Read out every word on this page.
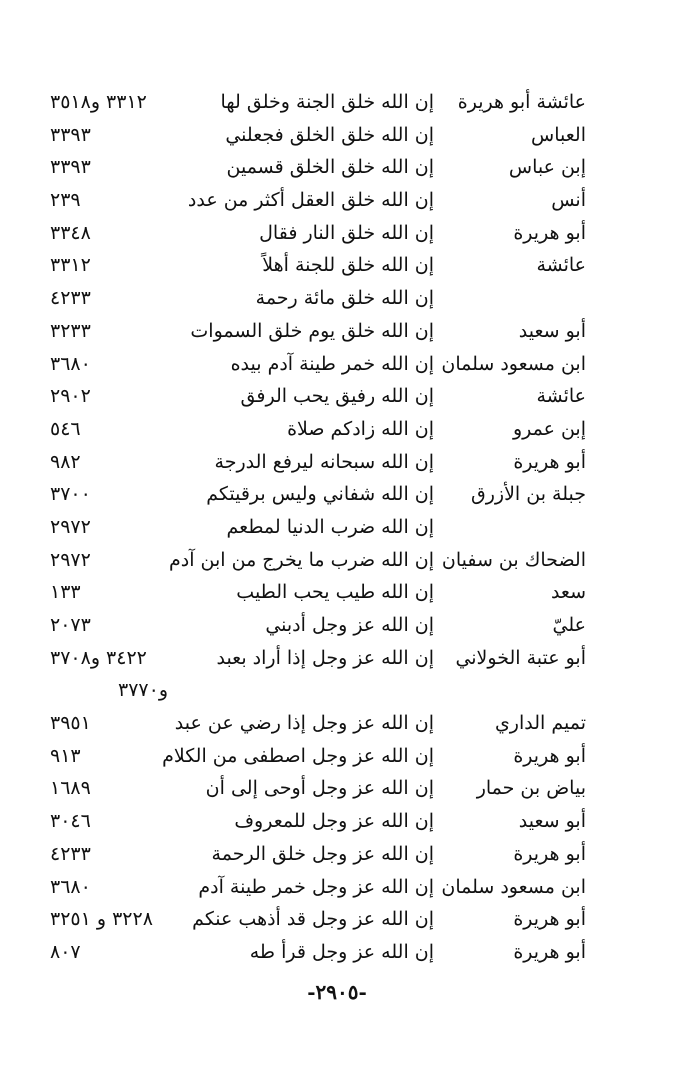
عائشة أبو هريرة
إن الله خلق الجنة وخلق لها
٣٣١٢ و٣٥١٨
العباس
إن الله خلق الخلق فجعلني
٣٣٩٣
إبن عباس
إن الله خلق الخلق قسمين
٣٣٩٣
أنس
إن الله خلق العقل أكثر من عدد
٢٣٩
أبو هريرة
إن الله خلق النار فقال
٣٣٤٨
عائشة
إن الله خلق للجنة أهلاً
٣٣١٢
إن الله خلق مائة رحمة
٤٢٣٣
أبو سعيد
إن الله خلق يوم خلق السموات
٣٢٣٣
ابن مسعود سلمان
إن الله خمر طينة آدم بيده
٣٦٨٠
عائشة
إن الله رفيق يحب الرفق
٢٩٠٢
إبن عمرو
إن الله زادكم صلاة
٥٤٦
أبو هريرة
إن الله سبحانه ليرفع الدرجة
٩٨٢
جبلة بن الأزرق
إن الله شفاني وليس برقيتكم
٣٧٠٠
إن الله ضرب الدنيا لمطعم
٢٩٧٢
الضحاك بن سفيان
إن الله ضرب ما يخرج من ابن آدم
٢٩٧٢
سعد
إن الله طيب يحب الطيب
١٣٣
عليّ
إن الله عز وجل أدبني
٢٠٧٣
أبو عتبة الخولاني
إن الله عز وجل إذا أراد بعبد
٣٤٢٢ و٣٧٠٨
و٣٧٧٠
تميم الداري
إن الله عز وجل إذا رضي عن عبد
٣٩٥١
أبو هريرة
إن الله عز وجل اصطفى من الكلام
٩١٣
بياض بن حمار
إن الله عز وجل أوحى إلى أن
١٦٨٩
أبو سعيد
إن الله عز وجل للمعروف
٣٠٤٦
أبو هريرة
إن الله عز وجل خلق الرحمة
٤٢٣٣
ابن مسعود سلمان
إن الله عز وجل خمر طينة آدم
٣٦٨٠
أبو هريرة
إن الله عز وجل قد أذهب عنكم
٣٢٢٨ و ٣٢٥١
أبو هريرة
إن الله عز وجل قرأ طه
٨٠٧
-٢٩٠٥-
